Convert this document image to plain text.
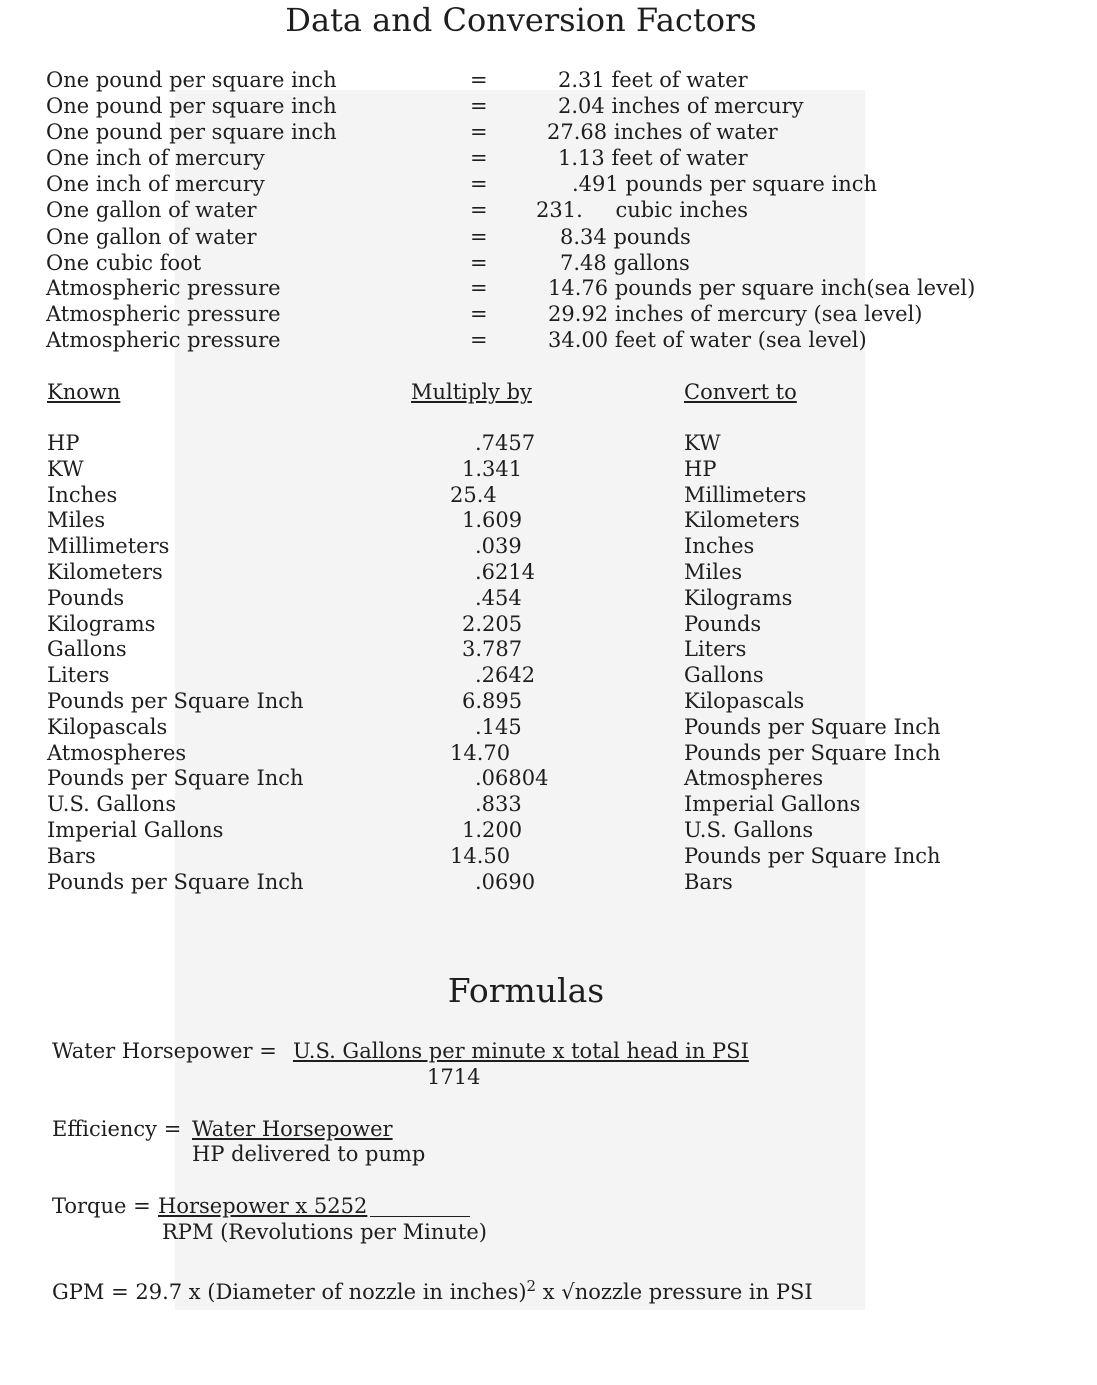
Data and Conversion Factors
One pound per square inch	=	2.31 feet of water
One pound per square inch	=	2.04 inches of mercury
One pound per square inch	=	27.68 inches of water
One inch of mercury	=	1.13 feet of water
One inch of mercury	=	.491 pounds per square inch
One gallon of water	= 231. cubic inches
One gallon of water	=	8.34 pounds
One cubic foot	=	7.48 gallons
Atmospheric pressure	=	14.76 pounds per square inch(sea level)
Atmospheric pressure	=	29.92 inches of mercury (sea level)
Atmospheric pressure	=	34.00 feet of water (sea level)
Known	Multiply by	Convert to
HP	.7457	KW
KW	1.341	HP
Inches	25.4	Millimeters
Miles	1.609	Kilometers
Millimeters	.039	Inches
Kilometers	.6214	Miles
Pounds	.454	Kilograms
Kilograms	2.205	Pounds
Gallons	3.787	Liters
Liters	.2642	Gallons
Pounds per Square Inch	6.895	Kilopascals
Kilopascals	.145	Pounds per Square Inch
Atmospheres	14.70	Pounds per Square Inch
Pounds per Square Inch	.06804	Atmospheres
U.S. Gallons	.833	Imperial Gallons
Imperial Gallons	1.200	U.S. Gallons
Bars	14.50	Pounds per Square Inch
Pounds per Square Inch	.0690	Bars
Formulas
Water Horsepower = U.S. Gallons per minute x total head in PSI
1714
Efficiency = Water Horsepower
HP delivered to pump
Torque = Horsepower x 5252
RPM (Revolutions per Minute)
GPM = 29.7 x (Diameter of nozzle in inches)$^2$ x √nozzle pressure in PSI
